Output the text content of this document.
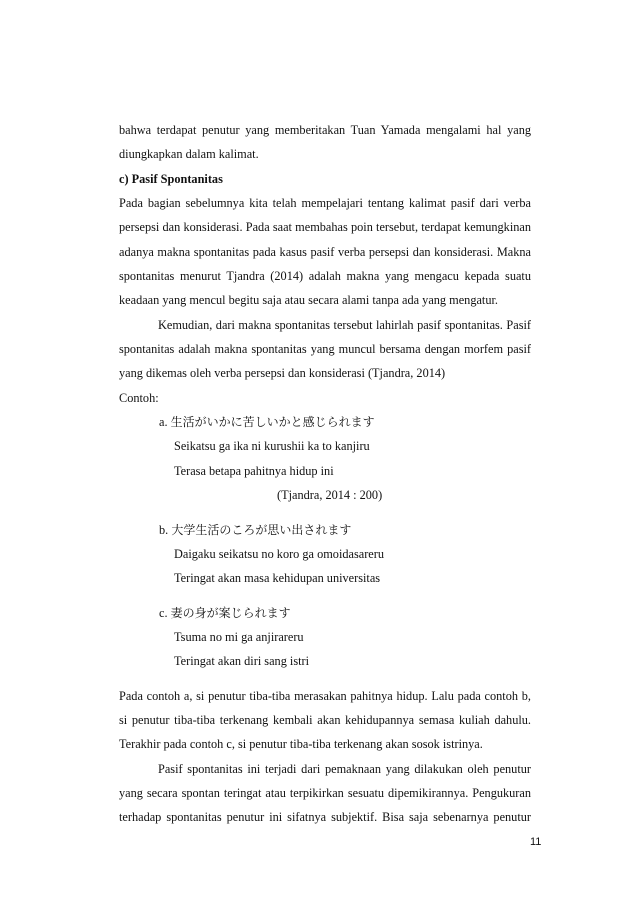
bahwa terdapat penutur yang memberitakan Tuan Yamada mengalami hal yang
diungkapkan dalam kalimat.
c) Pasif Spontanitas
Pada bagian sebelumnya kita telah mempelajari tentang kalimat pasif dari verba
persepsi dan konsiderasi. Pada saat membahas poin tersebut, terdapat kemungkinan
adanya makna spontanitas pada kasus pasif verba persepsi dan konsiderasi. Makna
spontanitas menurut Tjandra (2014) adalah makna yang mengacu kepada suatu
keadaan yang mencul begitu saja atau secara alami tanpa ada yang mengatur.
Kemudian, dari makna spontanitas tersebut lahirlah pasif spontanitas. Pasif
spontanitas adalah makna spontanitas yang muncul bersama dengan morfem pasif
yang dikemas oleh verba persepsi dan konsiderasi (Tjandra, 2014)
Contoh:
a. 生活がいかに苦しいかと感じられます
Seikatsu ga ika ni kurushii ka to kanjiru
Terasa betapa pahitnya hidup ini
(Tjandra, 2014 : 200)
b. 大学生活のころが思い出されます
Daigaku seikatsu no koro ga omoidasareru
Teringat akan masa kehidupan universitas
c. 妻の身が案じられます
Tsuma no mi ga anjirareru
Teringat akan diri sang istri
Pada contoh a, si penutur tiba-tiba merasakan pahitnya hidup. Lalu pada contoh b,
si penutur tiba-tiba terkenang kembali akan kehidupannya semasa kuliah dahulu.
Terakhir pada contoh c, si penutur tiba-tiba terkenang akan sosok istrinya.
Pasif spontanitas ini terjadi dari pemaknaan yang dilakukan oleh penutur
yang secara spontan teringat atau terpikirkan sesuatu dipemikirannya. Pengukuran
terhadap spontanitas penutur ini sifatnya subjektif. Bisa saja sebenarnya penutur
11
